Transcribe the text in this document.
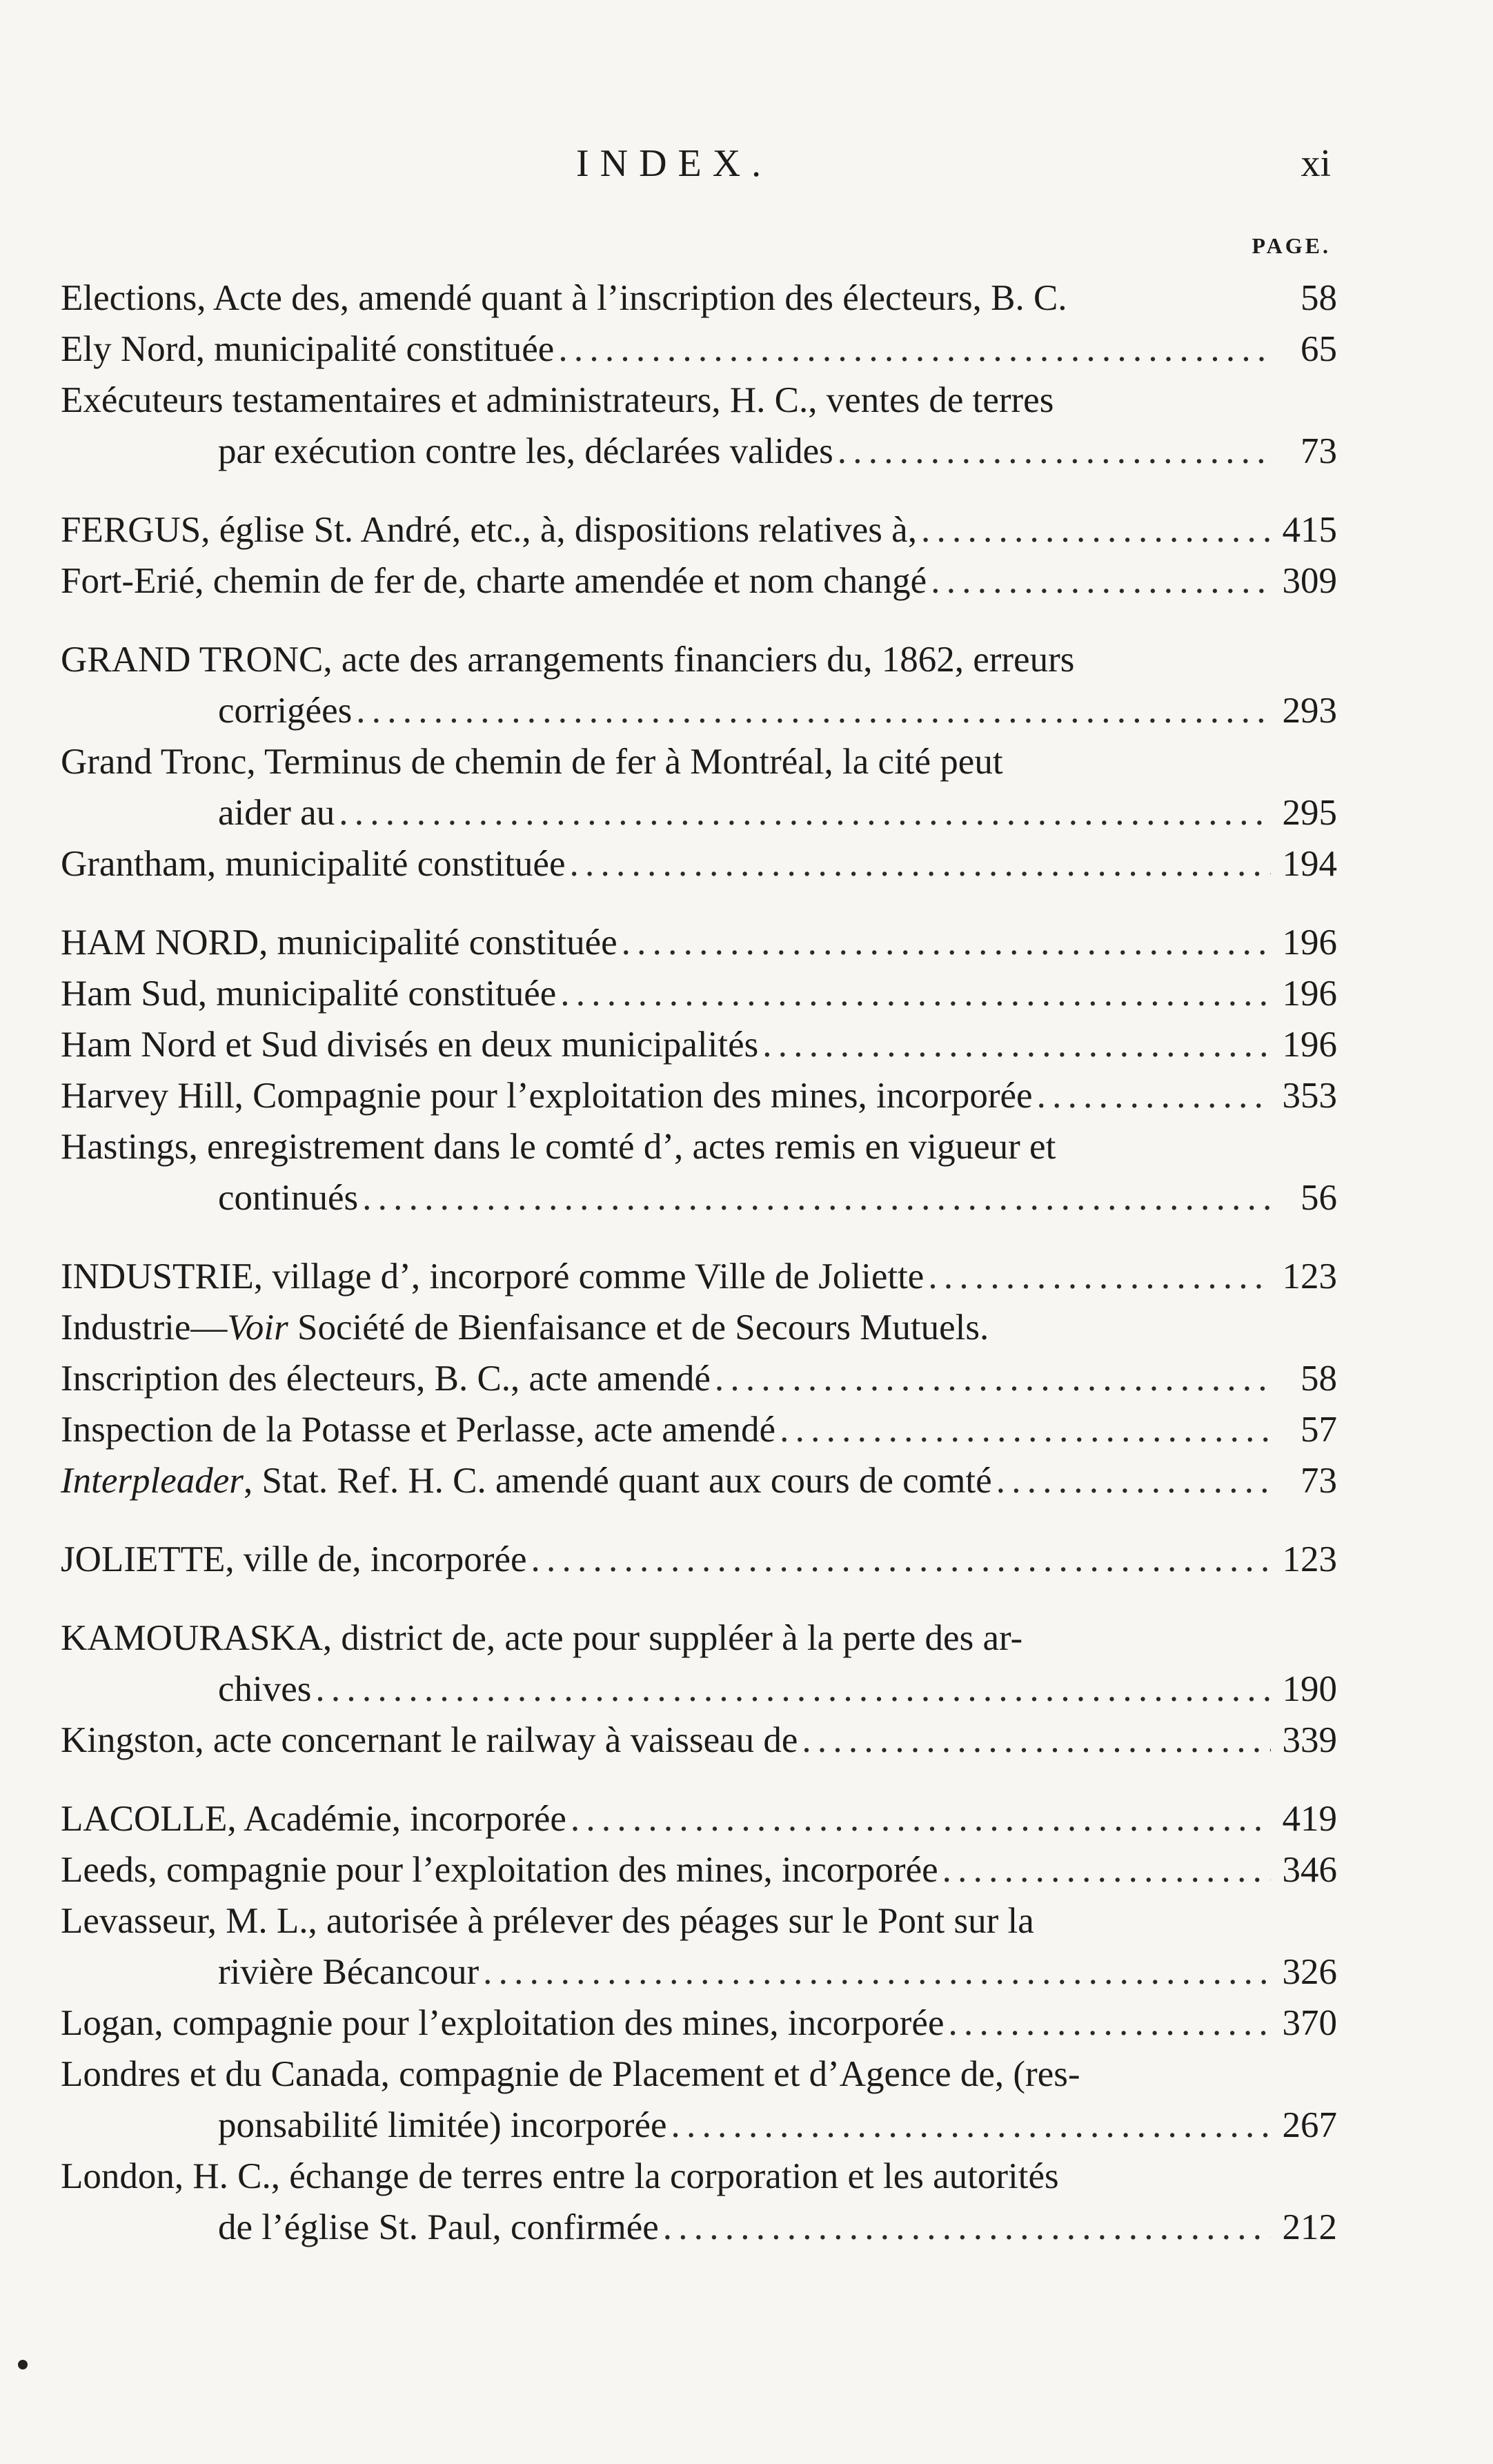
INDEX.	xi
PAGE.
Elections, Acte des, amendé quant à l’inscription des électeurs, B. C.	58
Ely Nord, municipalité constituée . . .	65
Exécuteurs testamentaires et administrateurs, H. C., ventes de terres
par exécution contre les, déclarées valides . . .	73
FERGUS, église St. André, etc., à, dispositions relatives à, . . .	415
Fort-Erié, chemin de fer de, charte amendée et nom changé . . .	309
GRAND TRONC, acte des arrangements financiers du, 1862, erreurs
corrigées . . .	293
Grand Tronc, Terminus de chemin de fer à Montréal, la cité peut
aider au . . .	295
Grantham, municipalité constituée . . .	194
HAM NORD, municipalité constituée . . .	196
Ham Sud, municipalité constituée . . .	196
Ham Nord et Sud divisés en deux municipalités . . .	196
Harvey Hill, Compagnie pour l’exploitation des mines, incorporée . . .	353
Hastings, enregistrement dans le comté d’, actes remis en vigueur et
continués . . .	56
INDUSTRIE, village d’, incorporé comme Ville de Joliette . . .	123
Industrie—Voir Société de Bienfaisance et de Secours Mutuels.
Inscription des électeurs, B. C., acte amendé . . .	58
Inspection de la Potasse et Perlasse, acte amendé . . .	57
Interpleader, Stat. Ref. H. C. amendé quant aux cours de comté . . .	73
JOLIETTE, ville de, incorporée . . .	123
KAMOURASKA, district de, acte pour suppléer à la perte des ar-
chives . . .	190
Kingston, acte concernant le railway à vaisseau de . . .	339
LACOLLE, Académie, incorporée . . .	419
Leeds, compagnie pour l’exploitation des mines, incorporée . . .	346
Levasseur, M. L., autorisée à prélever des péages sur le Pont sur la
rivière Bécancour . . .	326
Logan, compagnie pour l’exploitation des mines, incorporée . . .	370
Londres et du Canada, compagnie de Placement et d’Agence de, (res-
ponsabilité limitée) incorporée . . .	267
London, H. C., échange de terres entre la corporation et les autorités
de l’église St. Paul, confirmée . . .	212
